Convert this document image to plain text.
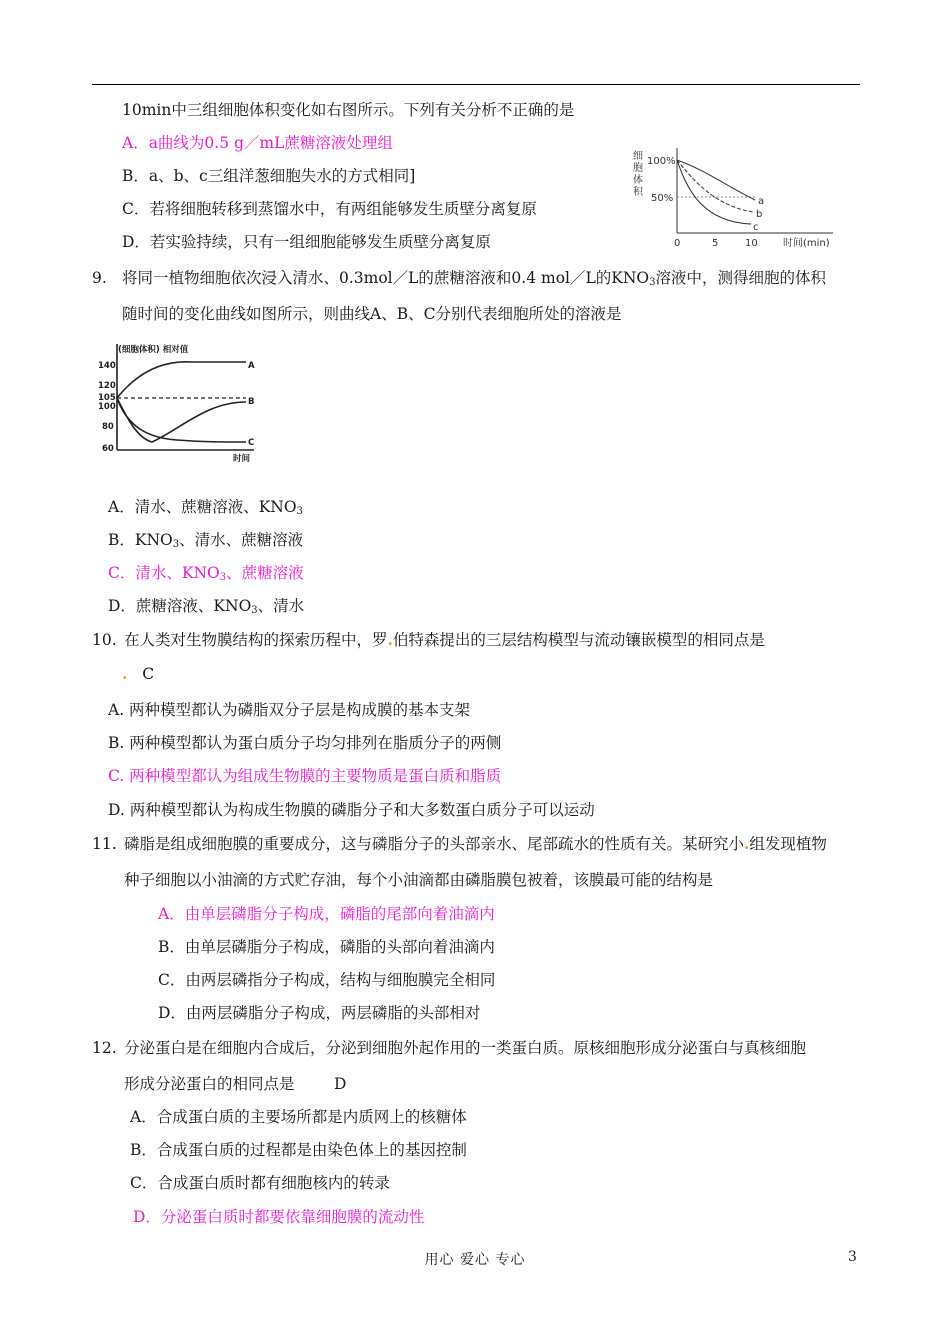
10min中三组细胞体积变化如右图所示。下列有关分析不正确的是
A．a曲线为0.5 g／mL蔗糖溶液处理组
B．a、b、c三组洋葱细胞失水的方式相同]
C．若将细胞转移到蒸馏水中，有两组能够发生质壁分离复原
D．若实验持续，只有一组细胞能够发生质壁分离复原
细
胞
体
积
100%
50%
0	5	10	时间(min)
a
b
c
9. 将同一植物细胞依次浸入清水、0.3mol／L的蔗糖溶液和0.4 mol／L的$KNO_3$溶液中，测得细胞的体积
随时间的变化曲线如图所示，则曲线A、B、C分别代表细胞所处的溶液是
(细胞体积) 相对值
140
120
105
100
80
60
时间
A
B
C
A．清水、蔗糖溶液、$KNO_3$
B．$KNO_3$、清水、蔗糖溶液
C．清水、$KNO_3$、蔗糖溶液
D．蔗糖溶液、$KNO_3$、清水
10. 在人类对生物膜结构的探索历程中，罗.伯特森提出的三层结构模型与流动镶嵌模型的相同点是
. C
A. 两种模型都认为磷脂双分子层是构成膜的基本支架
B. 两种模型都认为蛋白质分子均匀排列在脂质分子的两侧
C. 两种模型都认为组成生物膜的主要物质是蛋白质和脂质
D. 两种模型都认为构成生物膜的磷脂分子和大多数蛋白质分子可以运动
11. 磷脂是组成细胞膜的重要成分，这与磷脂分子的头部亲水、尾部疏水的性质有关。某研究小.组发现植物
种子细胞以小油滴的方式贮存油，每个小油滴都由磷脂膜包被着，该膜最可能的结构是
A．由单层磷脂分子构成，磷脂的尾部向着油滴内
B．由单层磷脂分子构成，磷脂的头部向着油滴内
C．由两层磷指分子构成，结构与细胞膜完全相同
D．由两层磷脂分子构成，两层磷脂的头部相对
12. 分泌蛋白是在细胞内合成后，分泌到细胞外起作用的一类蛋白质。原核细胞形成分泌蛋白与真核细胞
形成分泌蛋白的相同点是	D
A．合成蛋白质的主要场所都是内质网上的核糖体
B．合成蛋白质的过程都是由染色体上的基因控制
C．合成蛋白质时都有细胞核内的转录
D．分泌蛋白质时都要依靠细胞膜的流动性
用心 爱心 专心	3
